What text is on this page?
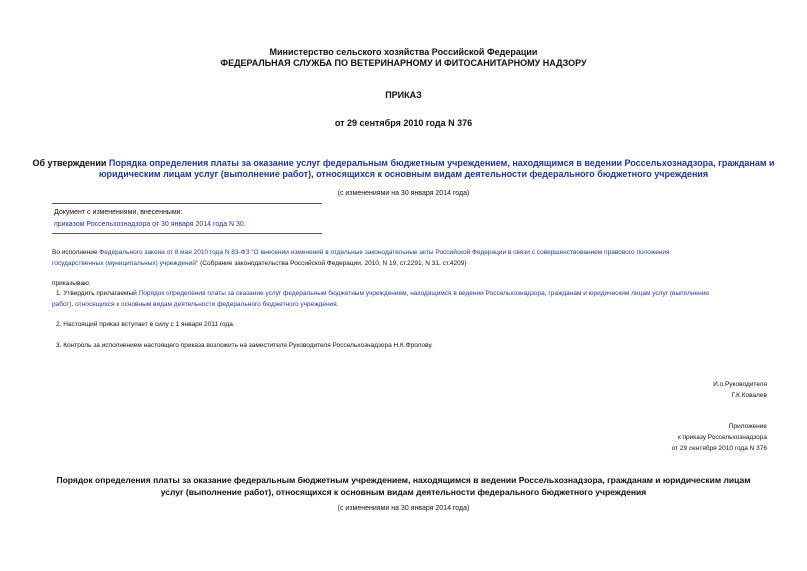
Министерство сельского хозяйства Российской Федерации
ФЕДЕРАЛЬНАЯ СЛУЖБА ПО ВЕТЕРИНАРНОМУ И ФИТОСАНИТАРНОМУ НАДЗОРУ
ПРИКАЗ
от 29 сентября 2010 года N 376
Об утверждении Порядка определения платы за оказание услуг федеральным бюджетным учреждением, находящимся в ведении Россельхознадзора, гражданам и
юридическим лицам услуг (выполнение работ), относящихся к основным видам деятельности федерального бюджетного учреждения
(с изменениями на 30 января 2014 года)
Документ с изменениями, внесенными:
приказом Россельхознадзора от 30 января 2014 года N 30.
Во исполнение Федерального закона от 8 мая 2010 года N 83-ФЗ "О внесении изменений в отдельные законодательные акты Российской Федерации в связи с совершенствованием правового положения
государственных (муниципальных) учреждений" (Собрание законодательства Российской Федерации, 2010, N 19, ст.2291, N 31, ст.4209)
приказываю:
1. Утвердить прилагаемый Порядок определения платы за оказание услуг федеральным бюджетным учреждением, находящимся в ведении Россельхознадзора, гражданам и юридическим лицам услуг (выполнение
работ), относящихся к основным видам деятельности федерального бюджетного учреждения.
2. Настоящий приказ вступает в силу с 1 января 2011 года.
3. Контроль за исполнением настоящего приказа возложить на заместителя Руководителя Россельхознадзора Н.К.Фролову.
И.о.Руководителя
Г.К.Ковалев
Приложение
к приказу Россельхознадзора
от 29 сентября 2010 года N 376
Порядок определения платы за оказание федеральным бюджетным учреждением, находящимся в ведении Россельхознадзора, гражданам и юридическим лицам
услуг (выполнение работ), относящихся к основным видам деятельности федерального бюджетного учреждения
(с изменениями на 30 января 2014 года)
